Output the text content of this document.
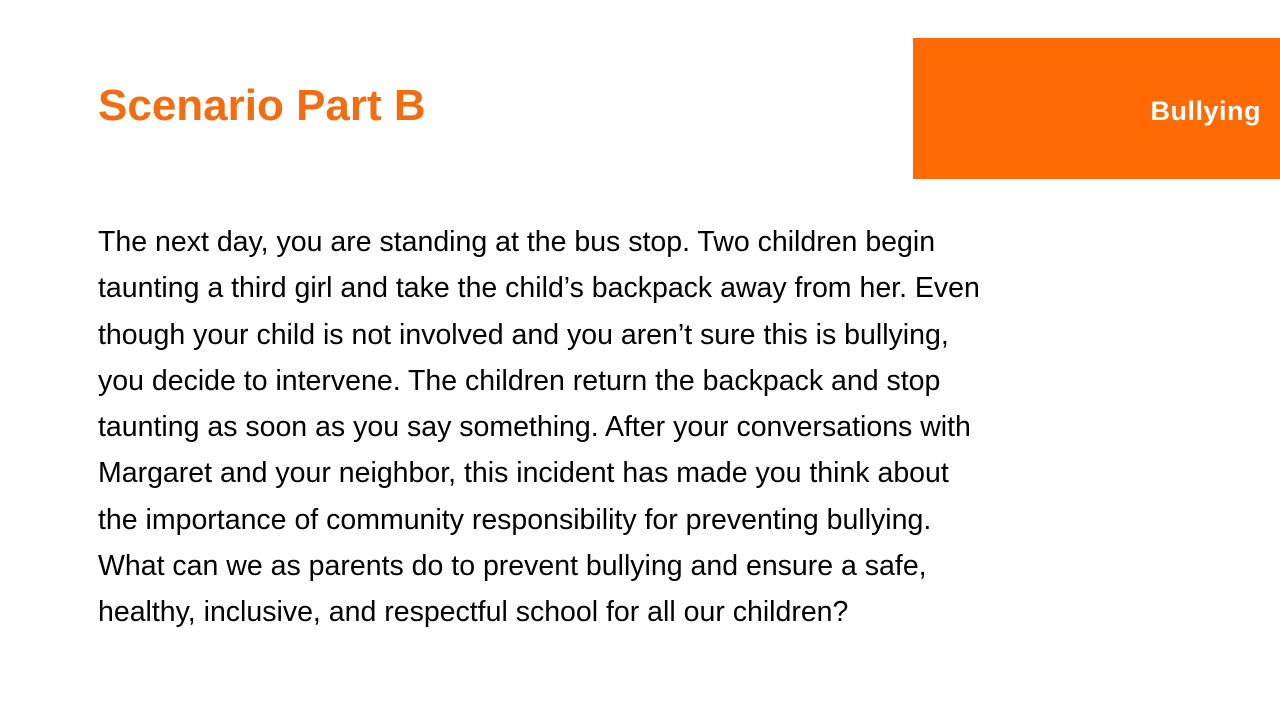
Scenario Part B	Bullying

The next day, you are standing at the bus stop. Two children begin
taunting a third girl and take the child’s backpack away from her. Even
though your child is not involved and you aren’t sure this is bullying,
you decide to intervene. The children return the backpack and stop
taunting as soon as you say something. After your conversations with
Margaret and your neighbor, this incident has made you think about
the importance of community responsibility for preventing bullying.
What can we as parents do to prevent bullying and ensure a safe,
healthy, inclusive, and respectful school for all our children?
